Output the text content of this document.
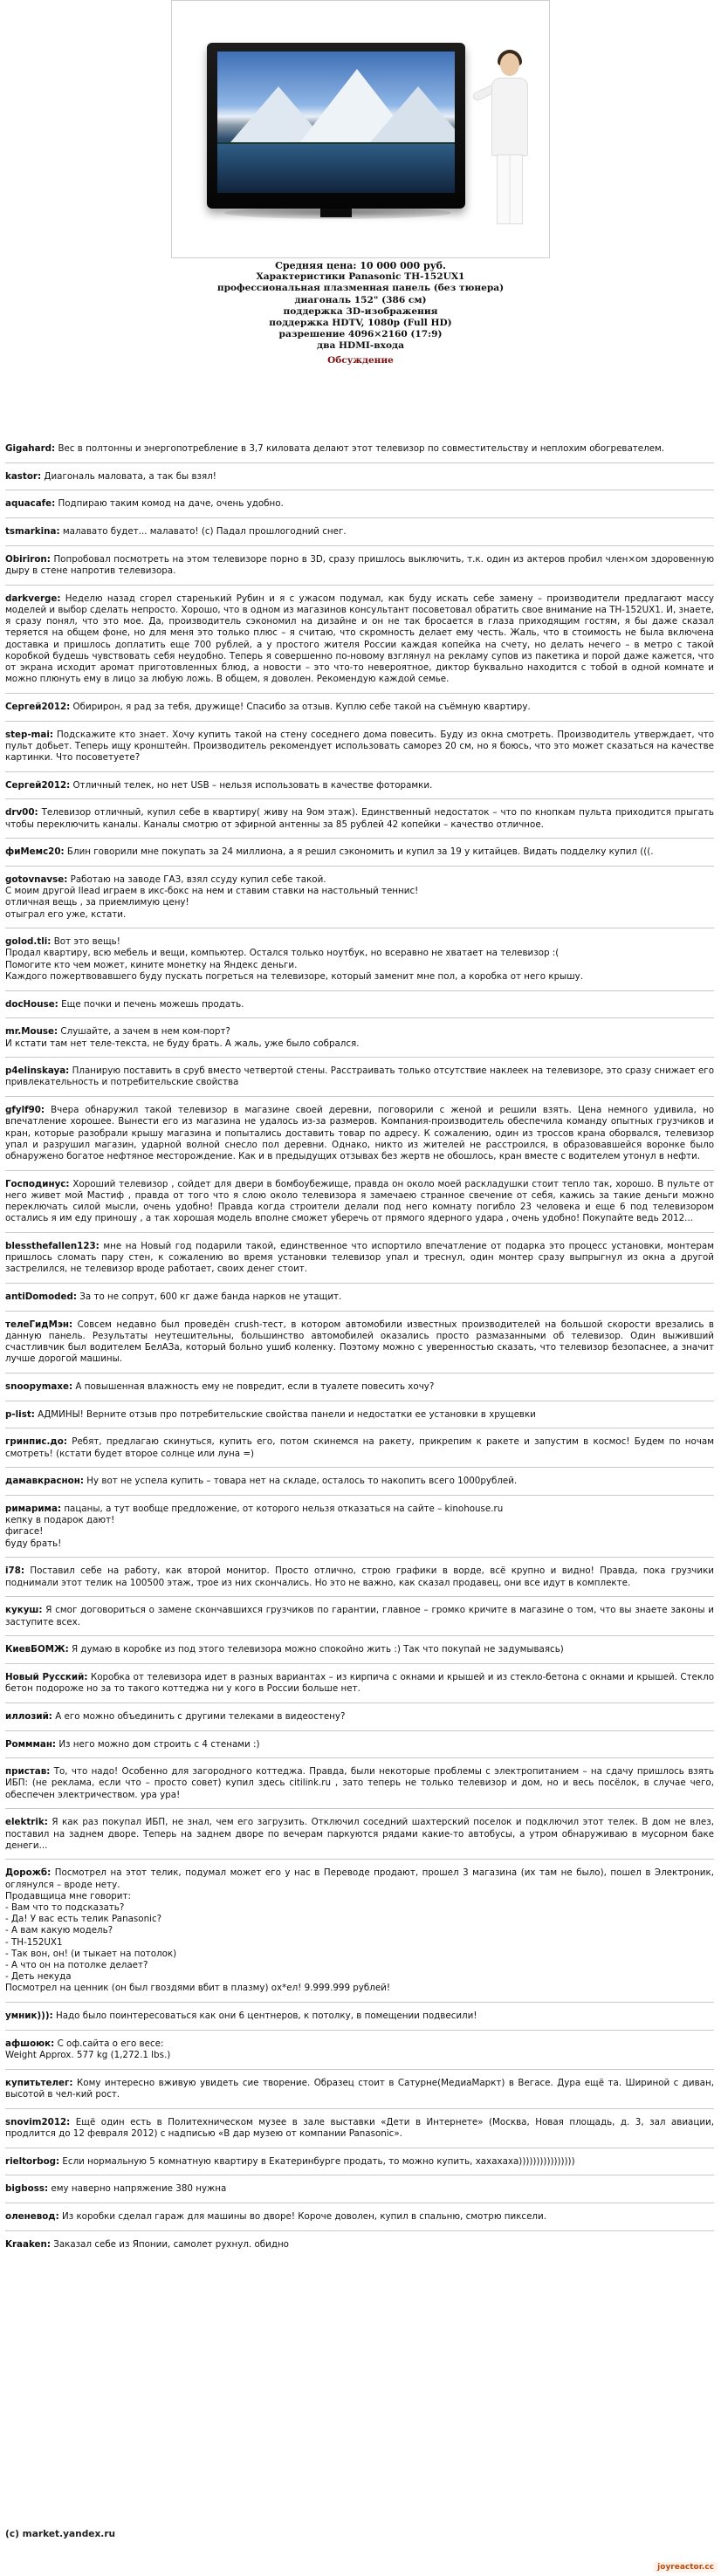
Средняя цена: 10 000 000 руб.
Характеристики Panasonic TH-152UX1
профессиональная плазменная панель (без тюнера)
диагональ 152" (386 см)
поддержка 3D-изображения
поддержка HDTV, 1080p (Full HD)
разрешение 4096×2160 (17:9)
два HDMI-входа
Обсуждение

Gigahard: Вес в полтонны и энергопотребление в 3,7 киловата делают этот телевизор по совместительству и неплохим обогревателем.

kastor: Диагональ маловата, а так бы взял!

aquacafe: Подпираю таким комод на даче, очень удобно.

tsmarkina: малавато будет... малавато! (с) Падал прошлогодний снег.

Obiriron: Попробовал посмотреть на этом телевизоре порно в 3D, сразу пришлось выключить, т.к. один из актеров пробил член×ом здоровенную дыру в стене напротив телевизора.

darkverge: Неделю назад сгорел старенький Рубин и я с ужасом подумал, как буду искать себе замену – производители предлагают массу моделей и выбор сделать непросто. Хорошо, что в одном из магазинов консультант посоветовал обратить свое внимание на TH-152UX1. И, знаете, я сразу понял, что это мое. Да, производитель сэкономил на дизайне и он не так бросается в глаза приходящим гостям, я бы даже сказал теряется на общем фоне, но для меня это только плюс – я считаю, что скромность делает ему честь. Жаль, что в стоимость не была включена доставка и пришлось доплатить еще 700 рублей, а у простого жителя России каждая копейка на счету, но делать нечего – в метро с такой коробкой будешь чувствовать себя неудобно. Теперь я совершенно по-новому взглянул на рекламу супов из пакетика и порой даже кажется, что от экрана исходит аромат приготовленных блюд, а новости – это что-то невероятное, диктор буквально находится с тобой в одной комнате и можно плюнуть ему в лицо за любую ложь. В общем, я доволен. Рекомендую каждой семье.

Сергей2012: Обирирон, я рад за тебя, дружище! Спасибо за отзыв. Куплю себе такой на съёмную квартиру.

step-mai: Подскажите кто знает. Хочу купить такой на стену соседнего дома повесить. Буду из окна смотреть. Производитель утверждает, что пульт добьет. Теперь ищу кронштейн. Производитель рекомендует использовать саморез 20 см, но я боюсь, что это может сказаться на качестве картинки. Что посоветуете?

Сергей2012: Отличный телек, но нет USB – нельзя использовать в качестве фоторамки.

drv00: Телевизор отличный, купил себе в квартиру( живу на 9ом этаж). Единственный недостаток – что по кнопкам пульта приходится прыгать чтобы переключить каналы. Каналы смотрю от эфирной антенны за 85 рублей 42 копейки – качество отличное.

фиМемс20: Блин говорили мне покупать за 24 миллиона, а я решил сэкономить и купил за 19 у китайцев. Видать подделку купил (((.

gotovnavse: Работаю на заводе ГАЗ, взял ссуду купил себе такой.

С моим другой Ilead играем в икс-бокс на нем и ставим ставки на настольный теннис!

отличная вещь , за приемлимую цену!

отыграл его уже, кстати.

golod.tli: Вот это вещь!

Продал квартиру, всю мебель и вещи, компьютер. Остался только ноутбук, но всеравно не хватает на телевизор :(

Помогите кто чем может, кините монетку на Яндекс деньги.

Каждого пожертвовавшего буду пускать погреться на телевизоре, который заменит мне пол, а коробка от него крышу.

docHouse: Еще почки и печень можешь продать.

mr.Mouse: Слушайте, а зачем в нем ком-порт?

И кстати там нет теле-текста, не буду брать. А жаль, уже было собрался.

p4elinskaya: Планирую поставить в сруб вместо четвертой стены. Расстраивать только отсутствие наклеек на телевизоре, это сразу снижает его привлекательность и потребительские свойства

gfylf90: Вчера обнаружил такой телевизор в магазине своей деревни, поговорили с женой и решили взять. Цена немного удивила, но впечатление хорошее. Вынести его из магазина не удалось из-за размеров. Компания-производитель обеспечила команду опытных грузчиков и кран, которые разобрали крышу магазина и попытались доставить товар по адресу. К сожалению, один из тросcов крана оборвался, телевизор упал и разрушил магазин, ударной волной снесло пол деревни. Однако, никто из жителей не расстроился, в образовавшейся воронке было обнаружено богатое нефтяное месторождение. Как и в предыдущих отзывах без жертв не обошлось, кран вместе с водителем утонул в нефти.

Господинус: Хороший телевизор , сойдет для двери в бомбоубежище, правда он около моей раскладушки стоит тепло так, хорошо. В пульте от него живет мой Мастиф , правда от того что я слою около телевизора я замечаею странное свечение от себя, кажись за такие деньги можно переключать силой мысли, очень удобно! Правда когда строители делали под него комнату погибло 23 человека и еще 6 под телевизором остались я им еду приношу , а так хорошая модель вполне сможет уберечь от прямого ядерного удара , очень удобно! Покупайте ведь 2012...

blessthefallen123: мне на Новый год подарили такой, единственное что испортило впечатление от подарка это процесс установки, монтерам пришлось сломать пару стен, к сожалению во время установки телевизор упал и треснул, один монтер сразу выпрыгнул из окна а другой застрелился, не телевизор вроде работает, своих денег стоит.

antiDomoded: За то не сопрут, 600 кг даже банда нарков не утащит.

телеГидМэн: Совсем недавно был проведён crush-тест, в котором автомобили известных производителей на большой скорости врезались в данную панель. Результаты неутешительны, большинство автомобилей оказались просто размазанными об телевизор. Один выживший счастливчик был водителем БелАЗа, который больно ушиб коленку. Поэтому можно с уверенностью сказать, что телевизор безопаснее, а значит лучше дорогой машины.

snoopymaxe: А повышенная влажность ему не повредит, если в туалете повесить хочу?

p-list: АДМИНЫ! Верните отзыв про потребительские свойства панели и недостатки ее установки в хрущевки

гринпис.до: Ребят, предлагаю скинуться, купить его, потом скинемся на ракету, прикрепим к ракете и запустим в космос! Будем по ночам смотреть! (кстати будет второе солнце или луна =)

дамавкраснон: Ну вот не успела купить – товара нет на складе, осталось то накопить всего 1000рублей.

римарима: пацаны, а тут вообще предложение, от которого нельзя отказаться на сайте – kinohouse.ru

кепку в подарок дают!

фигасе!

буду брать!

i78: Поставил себе на работу, как второй монитор. Просто отлично, строю графики в ворде, всё крупно и видно! Правда, пока грузчики поднимали этот телик на 100500 этаж, трое из них скончались. Но это не важно, как сказал продавец, они все идут в комплекте.

кукуш: Я смог договориться о замене скончавшихся грузчиков по гарантии, главное – громко кричите в магазине о том, что вы знаете законы и заступите всех.

КиевБОМЖ: Я думаю в коробке из под этого телевизора можно спокойно жить :) Так что покупай не задумываясь)

Новый Русский: Коробка от телевизора идет в разных вариантах – из кирпича с окнами и крышей и из стекло-бетона с окнами и крышей. Стекло бетон подороже но за то такого коттеджа ни у кого в России больше нет.

иллозий: А его можно объединить с другими телеками в видеостену?

Роммман: Из него можно дом строить с 4 стенами :)

пристав: То, что надо! Особенно для загородного коттеджа. Правда, были некоторые проблемы с электропитанием – на сдачу пришлось взять ИБП: (не реклама, если что – просто совет) купил здесь citilink.ru , зато теперь не только телевизор и дом, но и весь посёлок, в случае чего, обеспечен электричеством. ура ура!

elektrik: Я как раз покупал ИБП, не знал, чем его загрузить. Отключил соседний шахтерский поселок и подключил этот телек. В дом не влез, поставил на заднем дворе. Теперь на заднем дворе по вечерам паркуются рядами какие-то автобусы, а утром обнаруживаю в мусорном баке денеги...

Дорожб: Посмотрел на этот телик, подумал может его у нас в Переводе продают, прошел 3 магазина (их там не было), пошел в Электроник, оглянулся – вроде нету.

Продавщица мне говорит:

- Вам что то подсказать?

- Да! У вас есть телик Panasonic?

- А вам какую модель?

- TH-152UX1

- Так вон, он! (и тыкает на потолок)

- А что он на потолке делает?

- Деть некуда

Посмотрел на ценник (он был гвоздями вбит в плазму) ох*ел! 9.999.999 рублей!

умник))): Надо было поинтересоваться как они 6 центнеров, к потолку, в помещении подвесили!

афшоюк: С оф.сайта о его весе:

Weight Approx. 577 kg (1,272.1 lbs.)

купитьтелег: Кому интересно вживую увидеть сие творение. Образец стоит в Сатурне(МедиаМаркт) в Вегасе. Дура ещё та. Шириной с диван, высотой в чел-кий рост.

snovim2012: Ещё один есть в Политехническом музее в зале выставки «Дети в Интернете» (Москва, Новая площадь, д. 3, зал авиации, продлится до 12 февраля 2012) с надписью «В дар музею от компании Panasonic».

rieltorbog: Если нормальную 5 комнатную квартиру в Екатеринбурге продать, то можно купить, хахахаха))))))))))))))))

bigboss: ему наверно напряжение 380 нужна

оленевод: Из коробки сделал гараж для машины во дворе! Короче доволен, купил в спальню, смотрю пиксели.

Kraaken: Заказал себе из Японии, самолет рухнул. обидно

(c) market.yandex.ru
joyreactor.cc
